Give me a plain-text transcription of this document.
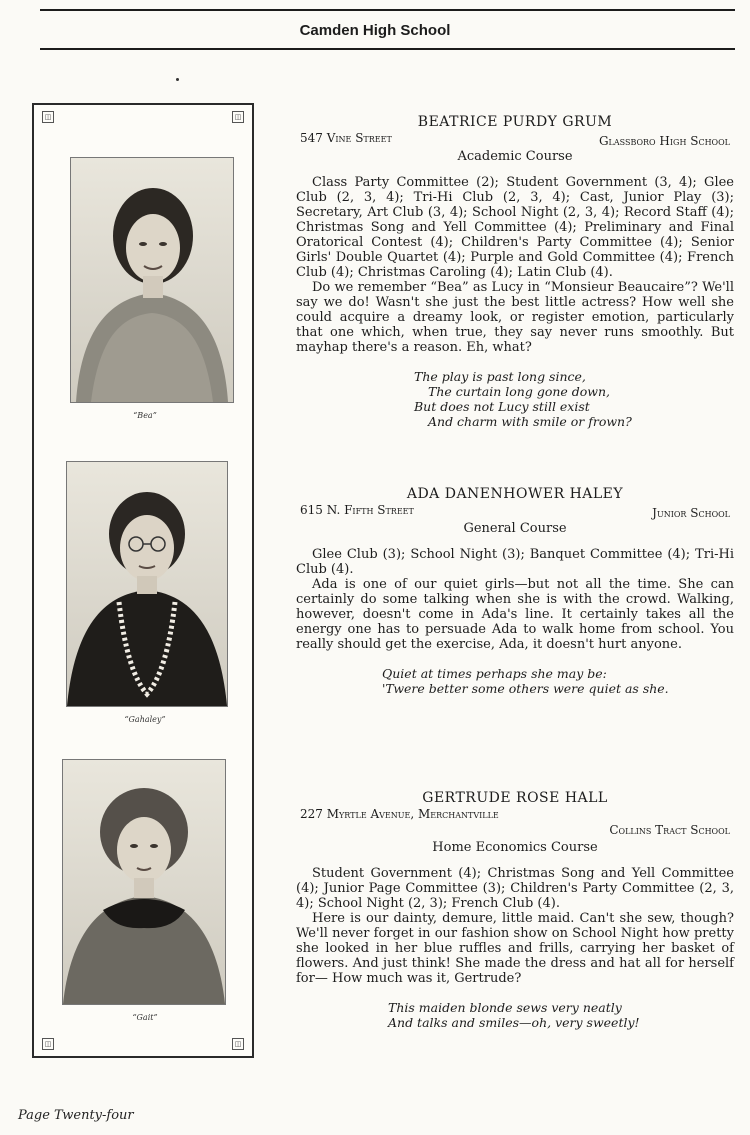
Camden High School
◫	◫
◫	◫
“Bea”
“Gahaley”
“Gait”
BEATRICE PURDY GRUM
547 Vine Street	Glassboro High School
Academic Course

Class Party Committee (2); Student Government (3, 4); Glee Club (2, 3, 4); Tri-Hi Club (2, 3, 4); Cast, Junior Play (3); Secretary, Art Club (3, 4); School Night (2, 3, 4); Record Staff (4); Christmas Song and Yell Committee (4); Preliminary and Final Oratorical Contest (4); Children's Party Committee (4); Senior Girls' Double Quartet (4); Purple and Gold Committee (4); French Club (4); Christmas Caroling (4); Latin Club (4).

Do we remember “Bea” as Lucy in “Monsieur Beaucaire”? We'll say we do! Wasn't she just the best little actress? How well she could acquire a dreamy look, or register emotion, particularly that one which, when true, they say never runs smoothly. But mayhap there's a reason. Eh, what?

The play is past long since,

The curtain long gone down,

But does not Lucy still exist

And charm with smile or frown?

ADA DANENHOWER HALEY
615 N. Fifth Street	Junior School
General Course

Glee Club (3); School Night (3); Banquet Committee (4); Tri-Hi Club (4).

Ada is one of our quiet girls—but not all the time. She can certainly do some talking when she is with the crowd. Walking, however, doesn't come in Ada's line. It certainly takes all the energy one has to persuade Ada to walk home from school. You really should get the exercise, Ada, it doesn't hurt anyone.

Quiet at times perhaps she may be:

'Twere better some others were quiet as she.

GERTRUDE ROSE HALL
227 Myrtle Avenue, Merchantville
Collins Tract School
Home Economics Course

Student Government (4); Christmas Song and Yell Committee (4); Junior Page Committee (3); Children's Party Committee (2, 3, 4); School Night (2, 3); French Club (4).

Here is our dainty, demure, little maid. Can't she sew, though? We'll never forget in our fashion show on School Night how pretty she looked in her blue ruffles and frills, carrying her basket of flowers. And just think! She made the dress and hat all for herself for— How much was it, Gertrude?

This maiden blonde sews very neatly

And talks and smiles—oh, very sweetly!

Page Twenty-four
